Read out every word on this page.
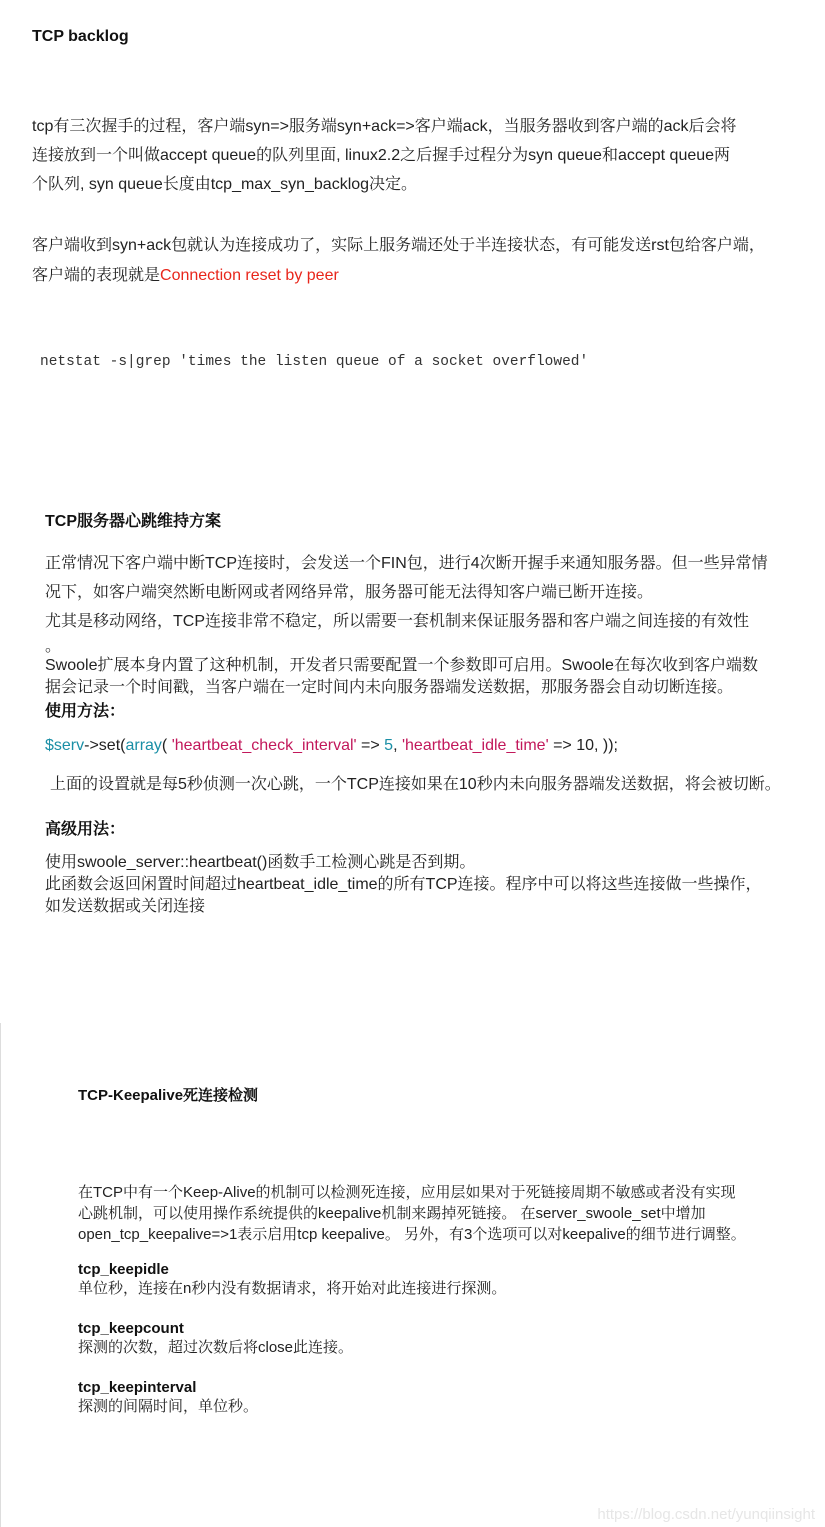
TCP backlog
tcp有三次握手的过程，客户端syn=>服务端syn+ack=>客户端ack，当服务器收到客户端的ack后会将
连接放到一个叫做accept queue的队列里面, linux2.2之后握手过程分为syn queue和accept queue两
个队列, syn queue长度由tcp_max_syn_backlog决定。
客户端收到syn+ack包就认为连接成功了，实际上服务端还处于半连接状态，有可能发送rst包给客户端，
客户端的表现就是Connection reset by peer
netstat -s|grep 'times the listen queue of a socket overflowed'
TCP服务器心跳维持方案
正常情况下客户端中断TCP连接时，会发送一个FIN包，进行4次断开握手来通知服务器。但一些异常情
况下，如客户端突然断电断网或者网络异常，服务器可能无法得知客户端已断开连接。
尤其是移动网络，TCP连接非常不稳定，所以需要一套机制来保证服务器和客户端之间连接的有效性
。
Swoole扩展本身内置了这种机制，开发者只需要配置一个参数即可启用。Swoole在每次收到客户端数
据会记录一个时间戳，当客户端在一定时间内未向服务器端发送数据，那服务器会自动切断连接。
使用方法：
$serv->set(array( 'heartbeat_check_interval' => 5, 'heartbeat_idle_time' => 10, ));
上面的设置就是每5秒侦测一次心跳，一个TCP连接如果在10秒内未向服务器端发送数据，将会被切断。
高级用法：
使用swoole_server::heartbeat()函数手工检测心跳是否到期。
此函数会返回闲置时间超过heartbeat_idle_time的所有TCP连接。程序中可以将这些连接做一些操作，
如发送数据或关闭连接
TCP-Keepalive死连接检测
在TCP中有一个Keep-Alive的机制可以检测死连接，应用层如果对于死链接周期不敏感或者没有实现
心跳机制，可以使用操作系统提供的keepalive机制来踢掉死链接。 在server_swoole_set中增加
open_tcp_keepalive=>1表示启用tcp keepalive。 另外，有3个选项可以对keepalive的细节进行调整。
tcp_keepidle
单位秒，连接在n秒内没有数据请求，将开始对此连接进行探测。
tcp_keepcount
探测的次数，超过次数后将close此连接。
tcp_keepinterval
探测的间隔时间，单位秒。
https://blog.csdn.net/yunqiinsight
